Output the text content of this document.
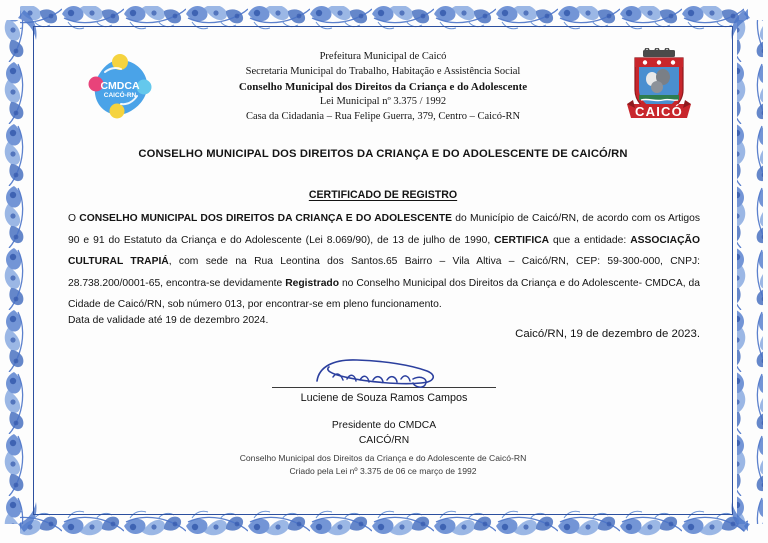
CMDCA
CAICÓ-RN
CAICÓ
Prefeitura Municipal de Caicó
Secretaria Municipal do Trabalho, Habitação e Assistência Social
Conselho Municipal dos Direitos da Criança e do Adolescente
Lei Municipal nº 3.375 / 1992
Casa da Cidadania – Rua Felipe Guerra, 379, Centro – Caicó-RN
CONSELHO MUNICIPAL DOS DIREITOS DA CRIANÇA E DO ADOLESCENTE DE CAICÓ/RN
CERTIFICADO DE REGISTRO

O CONSELHO MUNICIPAL DOS DIREITOS DA CRIANÇA E DO ADOLESCENTE do Município de Caicó/RN, de acordo com os Artigos 90 e 91 do Estatuto da Criança e do Adolescente (Lei 8.069/90), de 13 de julho de 1990, CERTIFICA que a entidade: ASSOCIAÇÃO CULTURAL TRAPIÁ, com sede na Rua Leontina dos Santos.65 Bairro – Vila Altiva – Caicó/RN, CEP: 59-300-000, CNPJ: 28.738.200/0001-65, encontra-se devidamente Registrado no Conselho Municipal dos Direitos da Criança e do Adolescente- CMDCA, da Cidade de Caicó/RN, sob número 013, por encontrar-se em pleno funcionamento.

Data de validade até 19 de dezembro 2024.
Caicó/RN, 19 de dezembro de 2023.
Luciene de Souza Ramos Campos
Presidente do CMDCA
CAICÓ/RN
Conselho Municipal dos Direitos da Criança e do Adolescente de Caicó-RN
Criado pela Lei nº 3.375 de 06 ce março de 1992
